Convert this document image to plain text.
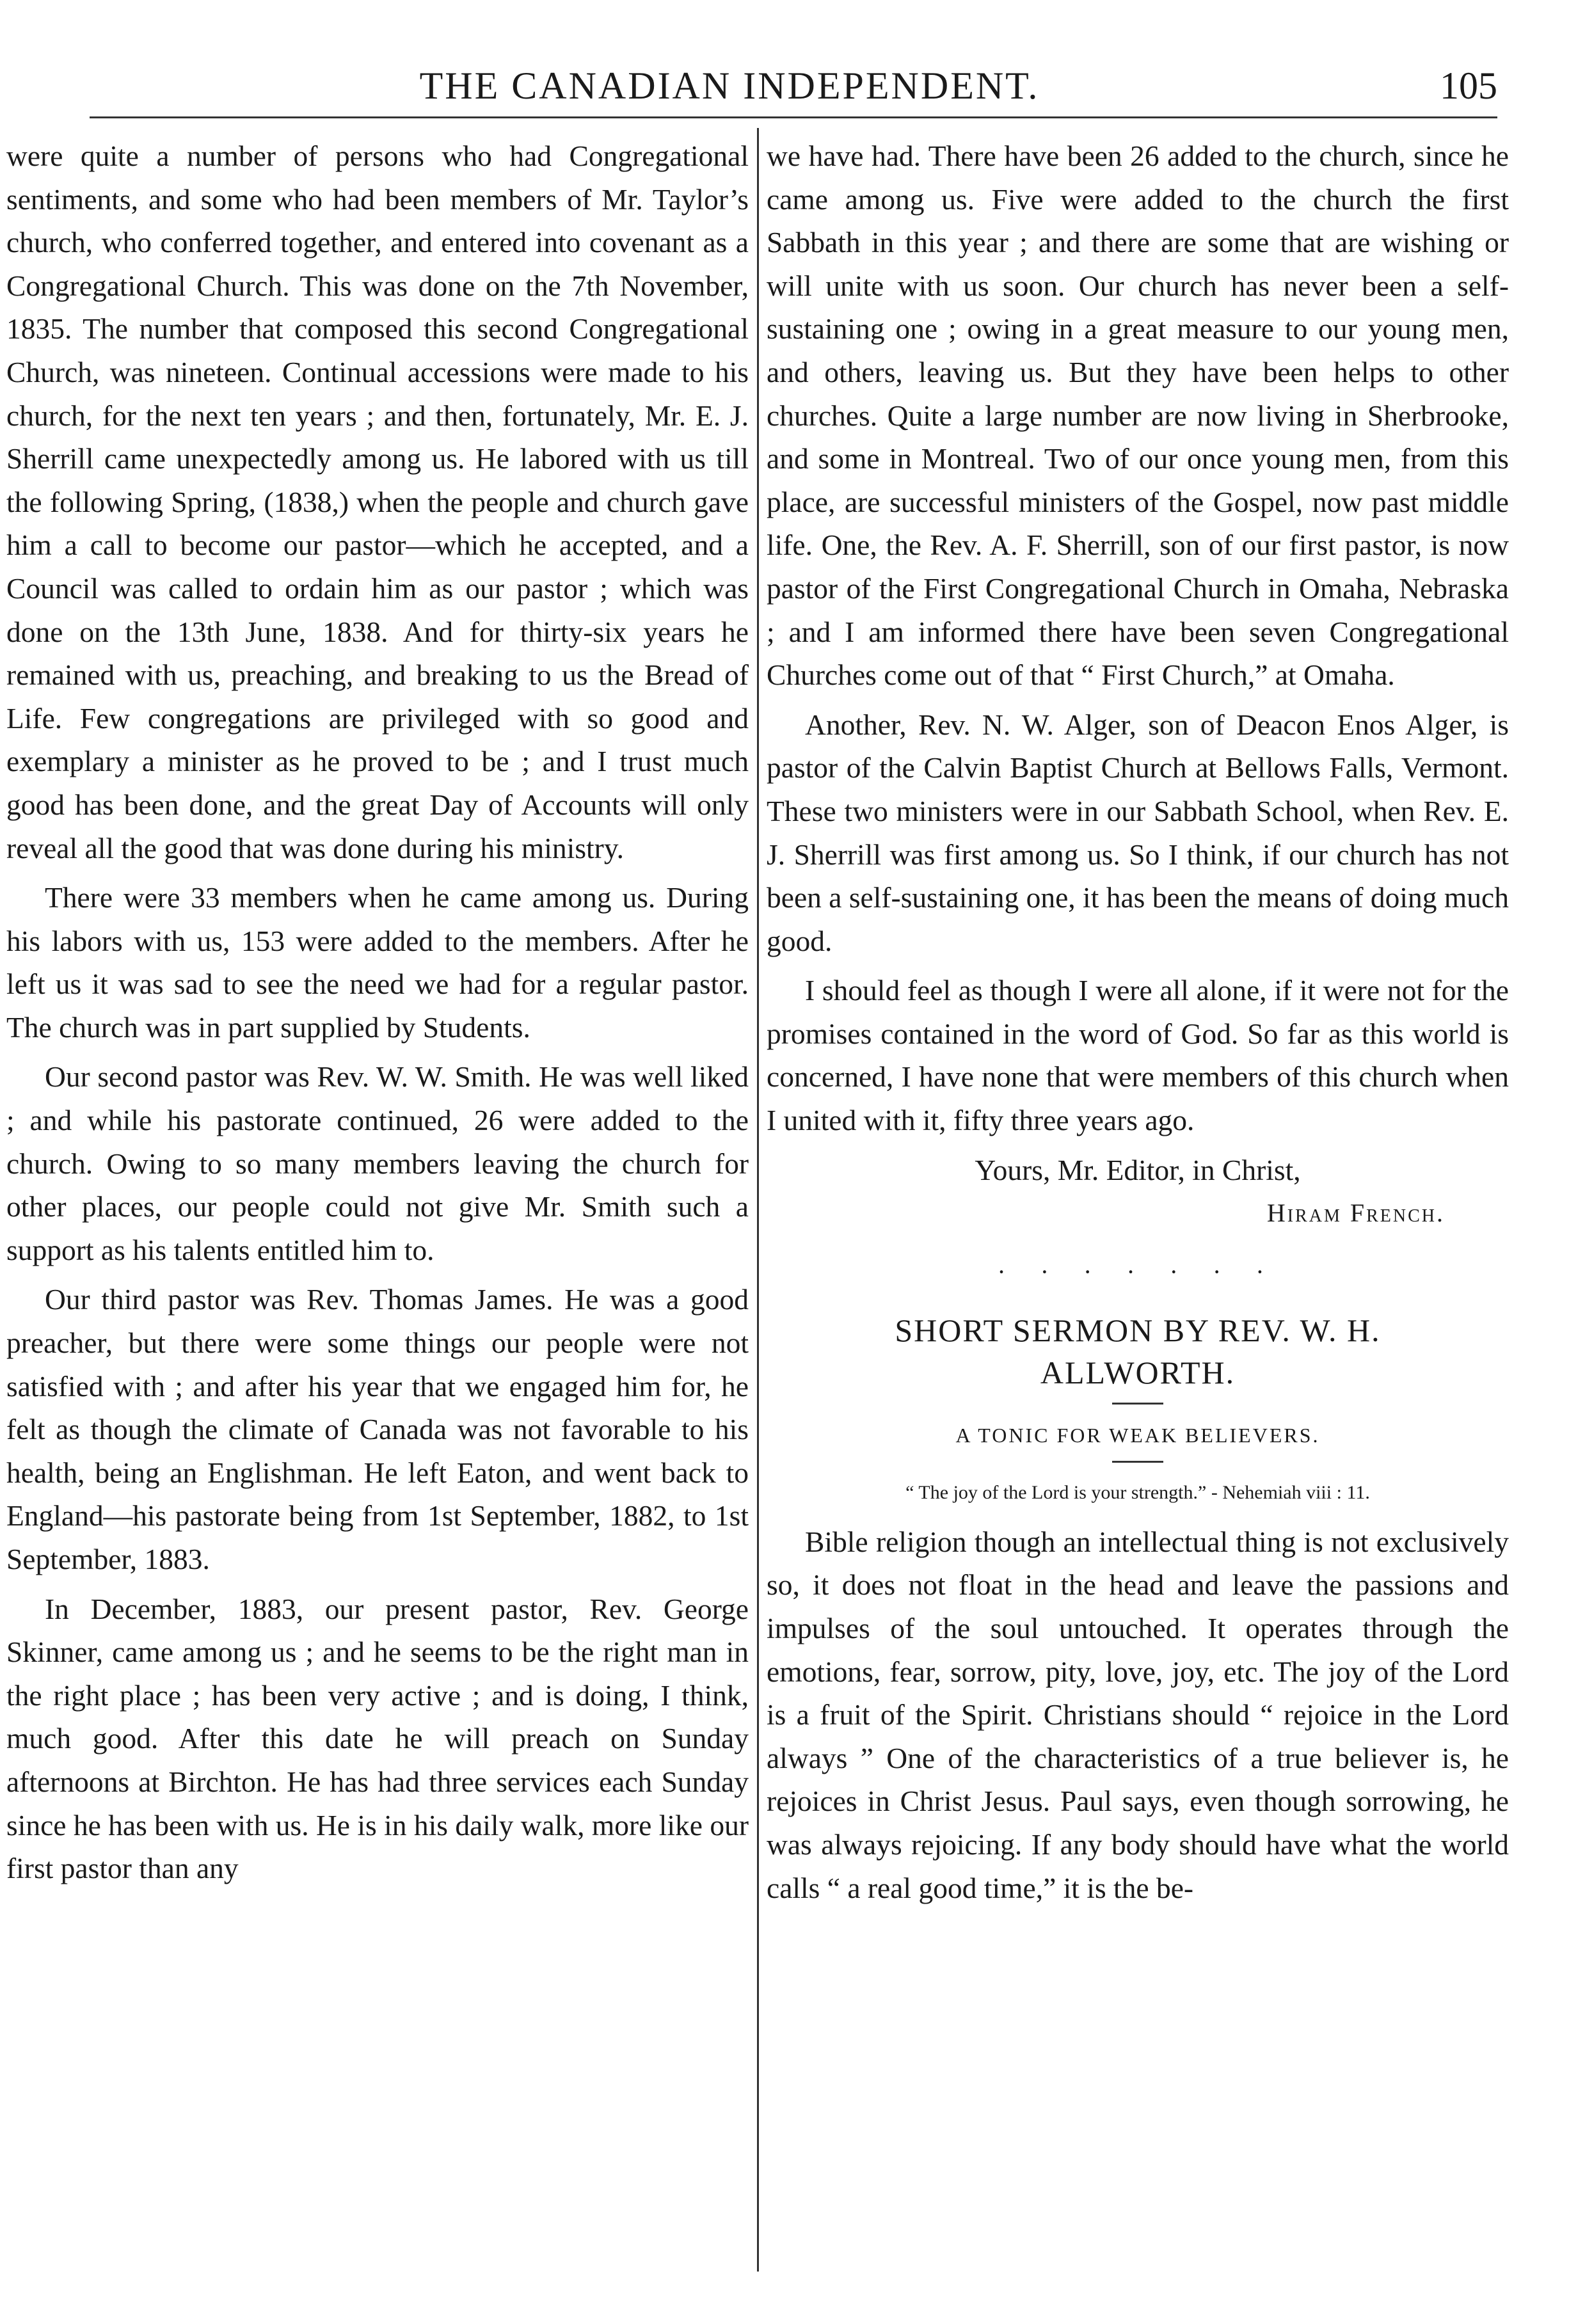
THE CANADIAN INDEPENDENT.	105

were quite a number of persons who had Congregational sentiments, and some who had been members of Mr. Taylor’s church, who conferred together, and entered into covenant as a Congregational Church. This was done on the 7th November, 1835. The number that composed this second Congregational Church, was nineteen. Continual accessions were made to his church, for the next ten years ; and then, fortunately, Mr. E. J. Sherrill came unexpectedly among us. He labored with us till the following Spring, (1838,) when the people and church gave him a call to become our pastor—which he accepted, and a Council was called to ordain him as our pastor ; which was done on the 13th June, 1838. And for thirty-six years he remained with us, preaching, and breaking to us the Bread of Life. Few congregations are privileged with so good and exemplary a minister as he proved to be ; and I trust much good has been done, and the great Day of Accounts will only reveal all the good that was done during his ministry.

There were 33 members when he came among us. During his labors with us, 153 were added to the members. After he left us it was sad to see the need we had for a regular pastor. The church was in part supplied by Students.

Our second pastor was Rev. W. W. Smith. He was well liked ; and while his pastorate continued, 26 were added to the church. Owing to so many members leaving the church for other places, our people could not give Mr. Smith such a support as his talents entitled him to.

Our third pastor was Rev. Thomas James. He was a good preacher, but there were some things our people were not satisfied with ; and after his year that we engaged him for, he felt as though the climate of Canada was not favorable to his health, being an Englishman. He left Eaton, and went back to England—his pastorate being from 1st September, 1882, to 1st September, 1883.

In December, 1883, our present pastor, Rev. George Skinner, came among us ; and he seems to be the right man in the right place ; has been very active ; and is doing, I think, much good. After this date he will preach on Sunday afternoons at Birchton. He has had three services each Sunday since he has been with us. He is in his daily walk, more like our first pastor than any

we have had. There have been 26 added to the church, since he came among us. Five were added to the church the first Sabbath in this year ; and there are some that are wishing or will unite with us soon. Our church has never been a self-sustaining one ; owing in a great measure to our young men, and others, leaving us. But they have been helps to other churches. Quite a large number are now living in Sherbrooke, and some in Montreal. Two of our once young men, from this place, are successful ministers of the Gospel, now past middle life. One, the Rev. A. F. Sherrill, son of our first pastor, is now pastor of the First Congregational Church in Omaha, Nebraska ; and I am informed there have been seven Congregational Churches come out of that “ First Church,” at Omaha.

Another, Rev. N. W. Alger, son of Deacon Enos Alger, is pastor of the Calvin Baptist Church at Bellows Falls, Vermont. These two ministers were in our Sabbath School, when Rev. E. J. Sherrill was first among us. So I think, if our church has not been a self-sustaining one, it has been the means of doing much good.

I should feel as though I were all alone, if it were not for the promises contained in the word of God. So far as this world is concerned, I have none that were members of this church when I united with it, fifty three years ago.

Yours, Mr. Editor, in Christ,

Hiram French.

· · · · · · ·
SHORT SERMON BY REV. W. H.
ALLWORTH.

A TONIC FOR WEAK BELIEVERS.

“ The joy of the Lord is your strength.” - Nehemiah viii : 11.

Bible religion though an intellectual thing is not exclusively so, it does not float in the head and leave the passions and impulses of the soul untouched. It operates through the emotions, fear, sorrow, pity, love, joy, etc. The joy of the Lord is a fruit of the Spirit. Christians should “ rejoice in the Lord always ” One of the characteristics of a true believer is, he rejoices in Christ Jesus. Paul says, even though sorrowing, he was always rejoicing. If any body should have what the world calls “ a real good time,” it is the be-
